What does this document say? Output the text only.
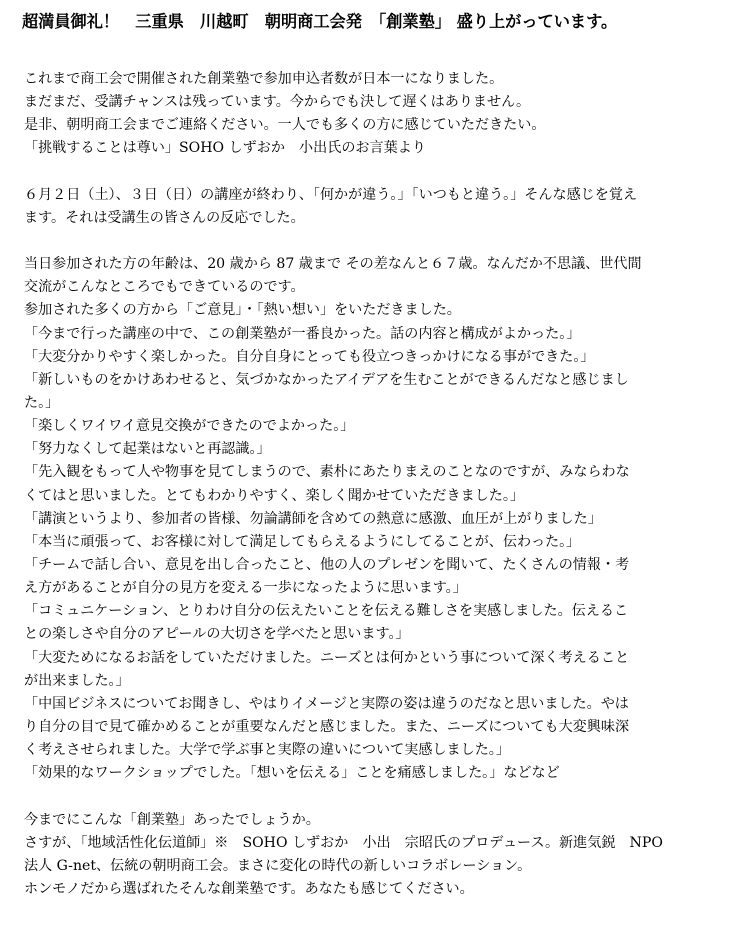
超満員御礼！　三重県　川越町　朝明商工会発　「創業塾」 盛り上がっています。
これまで商工会で開催された創業塾で参加申込者数が日本一になりました。
まだまだ、受講チャンスは残っています。今からでも決して遅くはありません。
是非、朝明商工会までご連絡ください。一人でも多くの方に感じていただきたい。
「挑戦することは尊い」SOHO しずおか　小出氏のお言葉より
６月２日（土）、３日（日）の講座が終わり、「何かが違う。」「いつもと違う。」そんな感じを覚え
ます。それは受講生の皆さんの反応でした。
当日参加された方の年齢は、20 歳から 87 歳まで その差なんと６７歳。なんだか不思議、世代間
交流がこんなところでもできているのです。
参加された多くの方から「ご意見」・「熱い想い」をいただきました。
「今まで行った講座の中で、この創業塾が一番良かった。話の内容と構成がよかった。」
「大変分かりやすく楽しかった。自分自身にとっても役立つきっかけになる事ができた。」
「新しいものをかけあわせると、気づかなかったアイデアを生むことができるんだなと感じまし
た。」
「楽しくワイワイ意見交換ができたのでよかった。」
「努力なくして起業はないと再認識。」
「先入観をもって人や物事を見てしまうので、素朴にあたりまえのことなのですが、みならわな
くてはと思いました。とてもわかりやすく、楽しく聞かせていただきました。」
「講演というより、参加者の皆様、勿論講師を含めての熱意に感激、血圧が上がりました」
「本当に頑張って、お客様に対して満足してもらえるようにしてることが、伝わった。」
「チームで話し合い、意見を出し合ったこと、他の人のプレゼンを聞いて、たくさんの情報・考
え方があることが自分の見方を変える一歩になったように思います。」
「コミュニケーション、とりわけ自分の伝えたいことを伝える難しさを実感しました。伝えるこ
との楽しさや自分のアピールの大切さを学べたと思います。」
「大変ためになるお話をしていただけました。ニーズとは何かという事について深く考えること
が出来ました。」
「中国ビジネスについてお聞きし、やはりイメージと実際の姿は違うのだなと思いました。やは
り自分の目で見て確かめることが重要なんだと感じました。また、ニーズについても大変興味深
く考えさせられました。大学で学ぶ事と実際の違いについて実感しました。」
「効果的なワークショップでした。「想いを伝える」ことを痛感しました。」などなど
今までにこんな「創業塾」あったでしょうか。
さすが、「地域活性化伝道師」※　SOHO しずおか　小出　宗昭氏のプロデュース。新進気鋭　NPO
法人 G-net、伝統の朝明商工会。まさに変化の時代の新しいコラボレーション。
ホンモノだから選ばれたそんな創業塾です。あなたも感じてください。
